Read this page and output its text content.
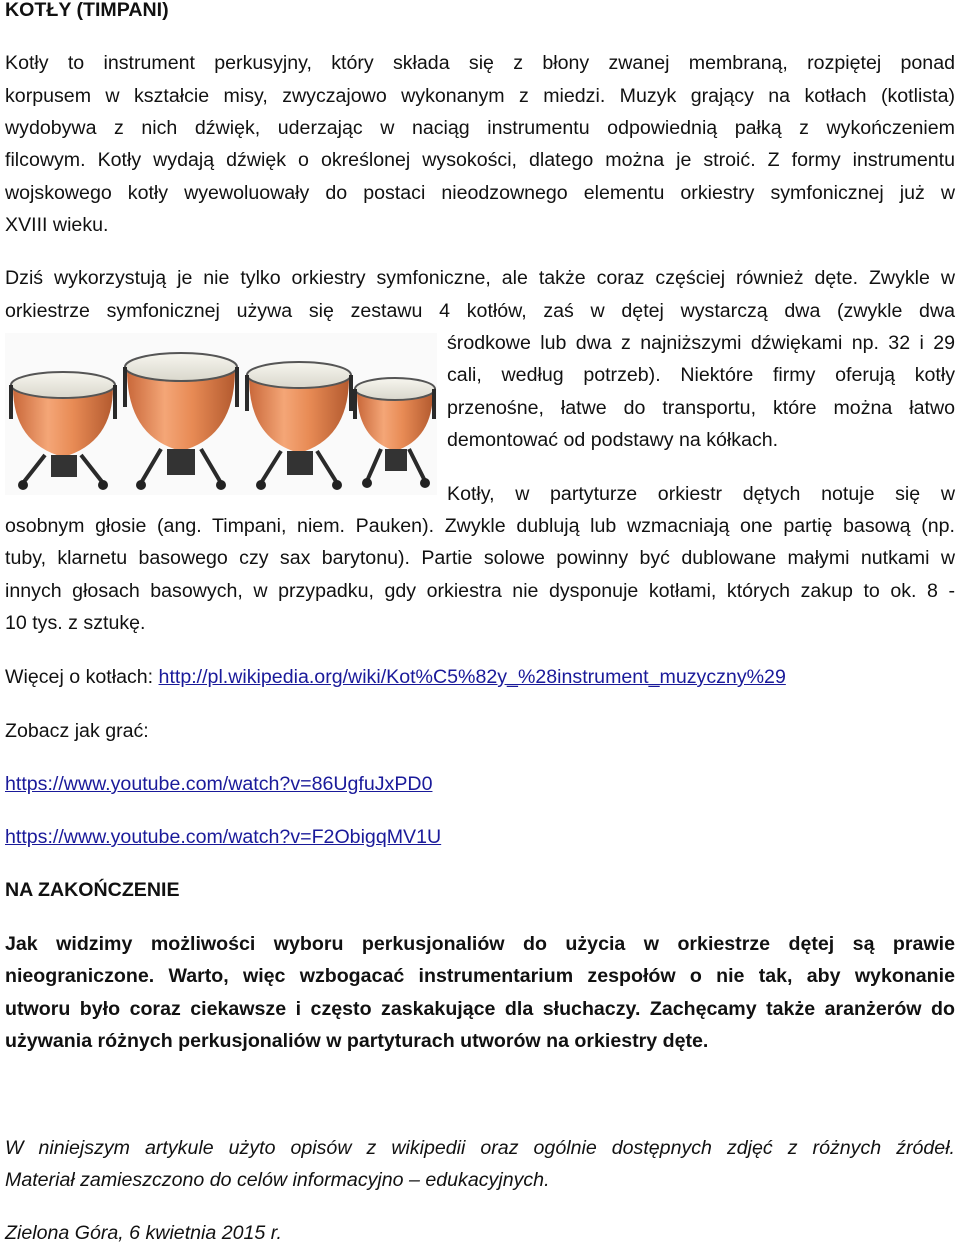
KOTŁY (TIMPANI)

Kotły to instrument perkusyjny, który składa się z błony zwanej membraną, rozpiętej ponad

korpusem w kształcie misy, zwyczajowo wykonanym z miedzi. Muzyk grający na kotłach (kotlista)

wydobywa z nich dźwięk, uderzając w naciąg instrumentu odpowiednią pałką z wykończeniem

filcowym. Kotły wydają dźwięk o określonej wysokości, dlatego można je stroić. Z formy instrumentu

wojskowego kotły wyewoluowały do postaci nieodzownego elementu orkiestry symfonicznej już w

XVIII wieku.

Dziś wykorzystują je nie tylko orkiestry symfoniczne, ale także coraz częściej również dęte. Zwykle w

orkiestrze symfonicznej używa się zestawu 4 kotłów, zaś w dętej wystarczą dwa (zwykle dwa

środkowe lub dwa z najniższymi dźwiękami np. 32 i 29

cali, według potrzeb). Niektóre firmy oferują kotły

przenośne, łatwe do transportu, które można łatwo

demontować od podstawy na kółkach.

Kotły, w partyturze orkiestr dętych notuje się w

osobnym głosie (ang. Timpani, niem. Pauken). Zwykle dublują lub wzmacniają one partię basową (np.

tuby, klarnetu basowego czy sax barytonu). Partie solowe powinny być dublowane małymi nutkami w

innych głosach basowych, w przypadku, gdy orkiestra nie dysponuje kotłami, których zakup to ok. 8 -

10 tys. z sztukę.

Więcej o kotłach: http://pl.wikipedia.org/wiki/Kot%C5%82y_%28instrument_muzyczny%29
Zobacz jak grać:
https://www.youtube.com/watch?v=86UgfuJxPD0
https://www.youtube.com/watch?v=F2ObigqMV1U

NA ZAKOŃCZENIE

Jak widzimy możliwości wyboru perkusjonaliów do użycia w orkiestrze dętej są prawie

nieograniczone. Warto, więc wzbogacać instrumentarium zespołów o nie tak, aby wykonanie

utworu było coraz ciekawsze i często zaskakujące dla słuchaczy. Zachęcamy także aranżerów do

używania różnych perkusjonaliów w partyturach utworów na orkiestry dęte.

W niniejszym artykule użyto opisów z wikipedii oraz ogólnie dostępnych zdjęć z różnych źródeł.

Materiał zamieszczono do celów informacyjno – edukacyjnych.

Zielona Góra, 6 kwietnia 2015 r.
